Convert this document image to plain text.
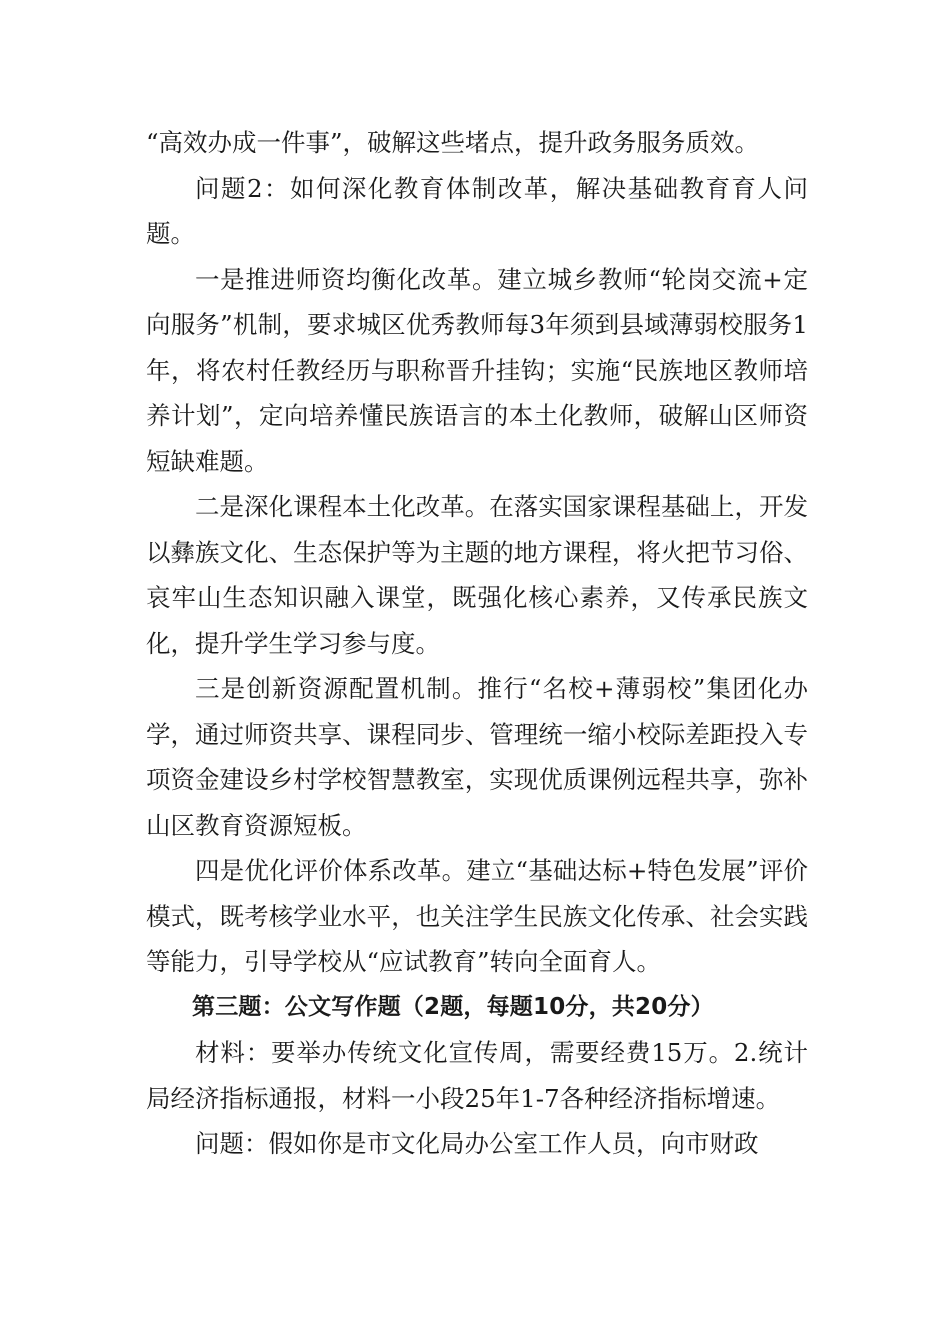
“高效办成一件事”，破解这些堵点，提升政务服务质效。

问题2：如何深化教育体制改革，解决基础教育育人问题。

一是推进师资均衡化改革。建立城乡教师“轮岗交流+定向服务”机制，要求城区优秀教师每3年须到县域薄弱校服务1年，将农村任教经历与职称晋升挂钩；实施“民族地区教师培养计划”，定向培养懂民族语言的本土化教师，破解山区师资短缺难题。

二是深化课程本土化改革。在落实国家课程基础上，开发以彝族文化、生态保护等为主题的地方课程，将火把节习俗、哀牢山生态知识融入课堂，既强化核心素养，又传承民族文化，提升学生学习参与度。

三是创新资源配置机制。推行“名校+薄弱校”集团化办学，通过师资共享、课程同步、管理统一缩小校际差距投入专项资金建设乡村学校智慧教室，实现优质课例远程共享，弥补山区教育资源短板。

四是优化评价体系改革。建立“基础达标+特色发展”评价模式，既考核学业水平，也关注学生民族文化传承、社会实践等能力，引导学校从“应试教育”转向全面育人。

第三题：公文写作题（2题，每题10分，共20分）

材料：要举办传统文化宣传周，需要经费15万。2.统计局经济指标通报，材料一小段25年1-7各种经济指标增速。

问题：假如你是市文化局办公室工作人员，向市财政
